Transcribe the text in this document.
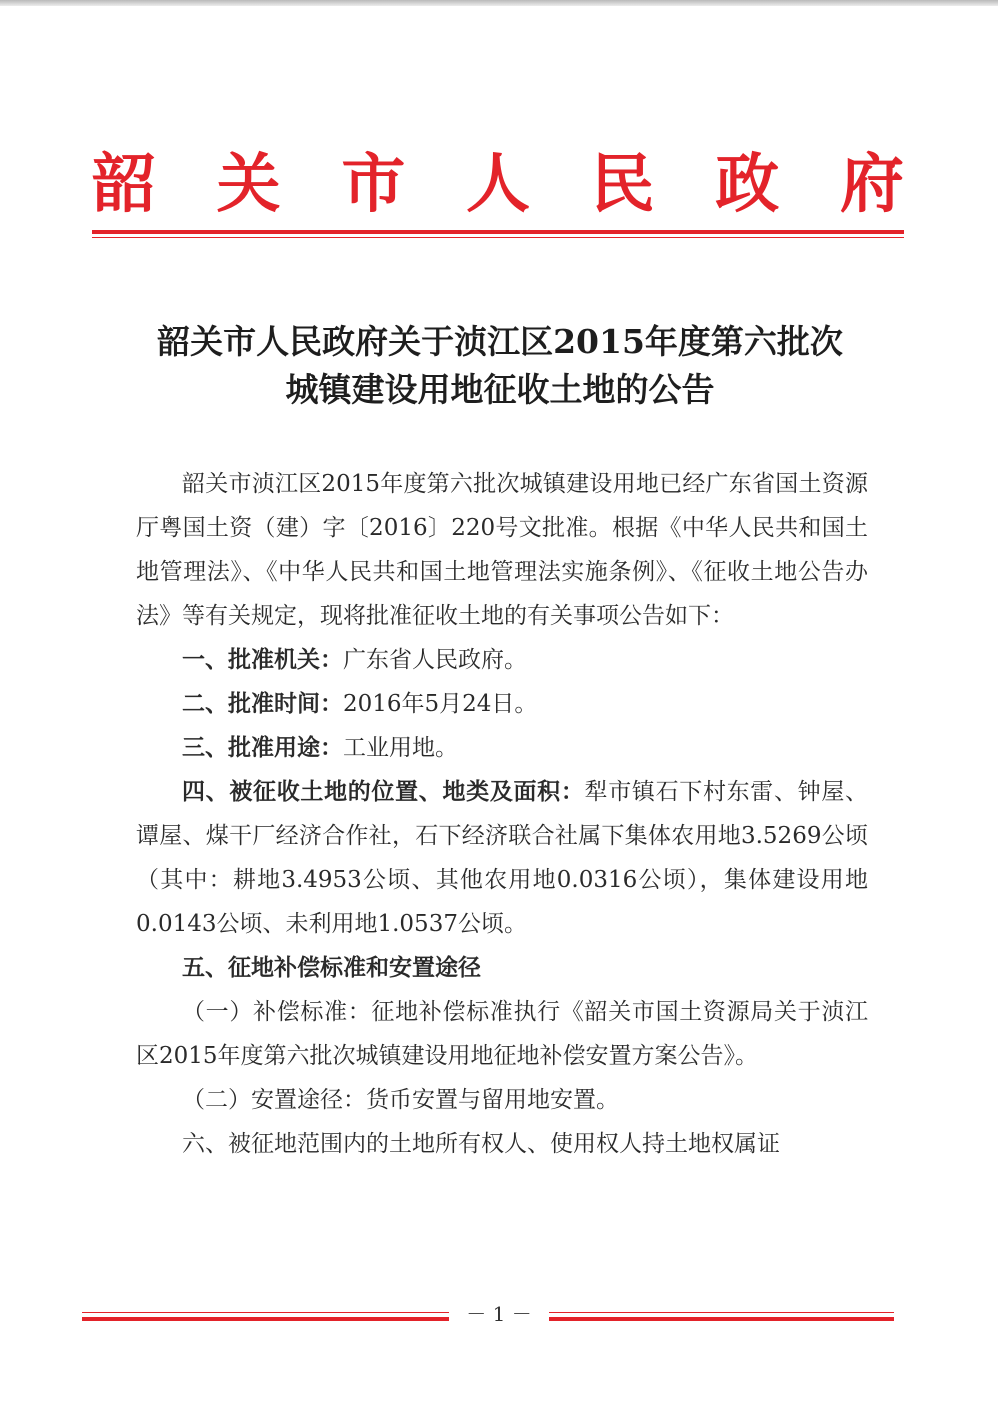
韶 关 市 人 民 政 府
韶关市人民政府关于浈江区2015年度第六批次
城镇建设用地征收土地的公告

韶关市浈江区2015年度第六批次城镇建设用地已经广东省国土资源厅粤国土资（建）字〔2016〕220号文批准。根据《中华人民共和国土地管理法》、《中华人民共和国土地管理法实施条例》、《征收土地公告办法》等有关规定，现将批准征收土地的有关事项公告如下：

一、批准机关：广东省人民政府。

二、批准时间：2016年5月24日。

三、批准用途：工业用地。

四、被征收土地的位置、地类及面积：犁市镇石下村东雷、钟屋、谭屋、煤干厂经济合作社，石下经济联合社属下集体农用地3.5269公顷（其中：耕地3.4953公顷、其他农用地0.0316公顷），集体建设用地0.0143公顷、未利用地1.0537公顷。

五、征地补偿标准和安置途径

（一）补偿标准：征地补偿标准执行《韶关市国土资源局关于浈江区2015年度第六批次城镇建设用地征地补偿安置方案公告》。

（二）安置途径：货币安置与留用地安置。

六、被征地范围内的土地所有权人、使用权人持土地权属证

－ 1 －
